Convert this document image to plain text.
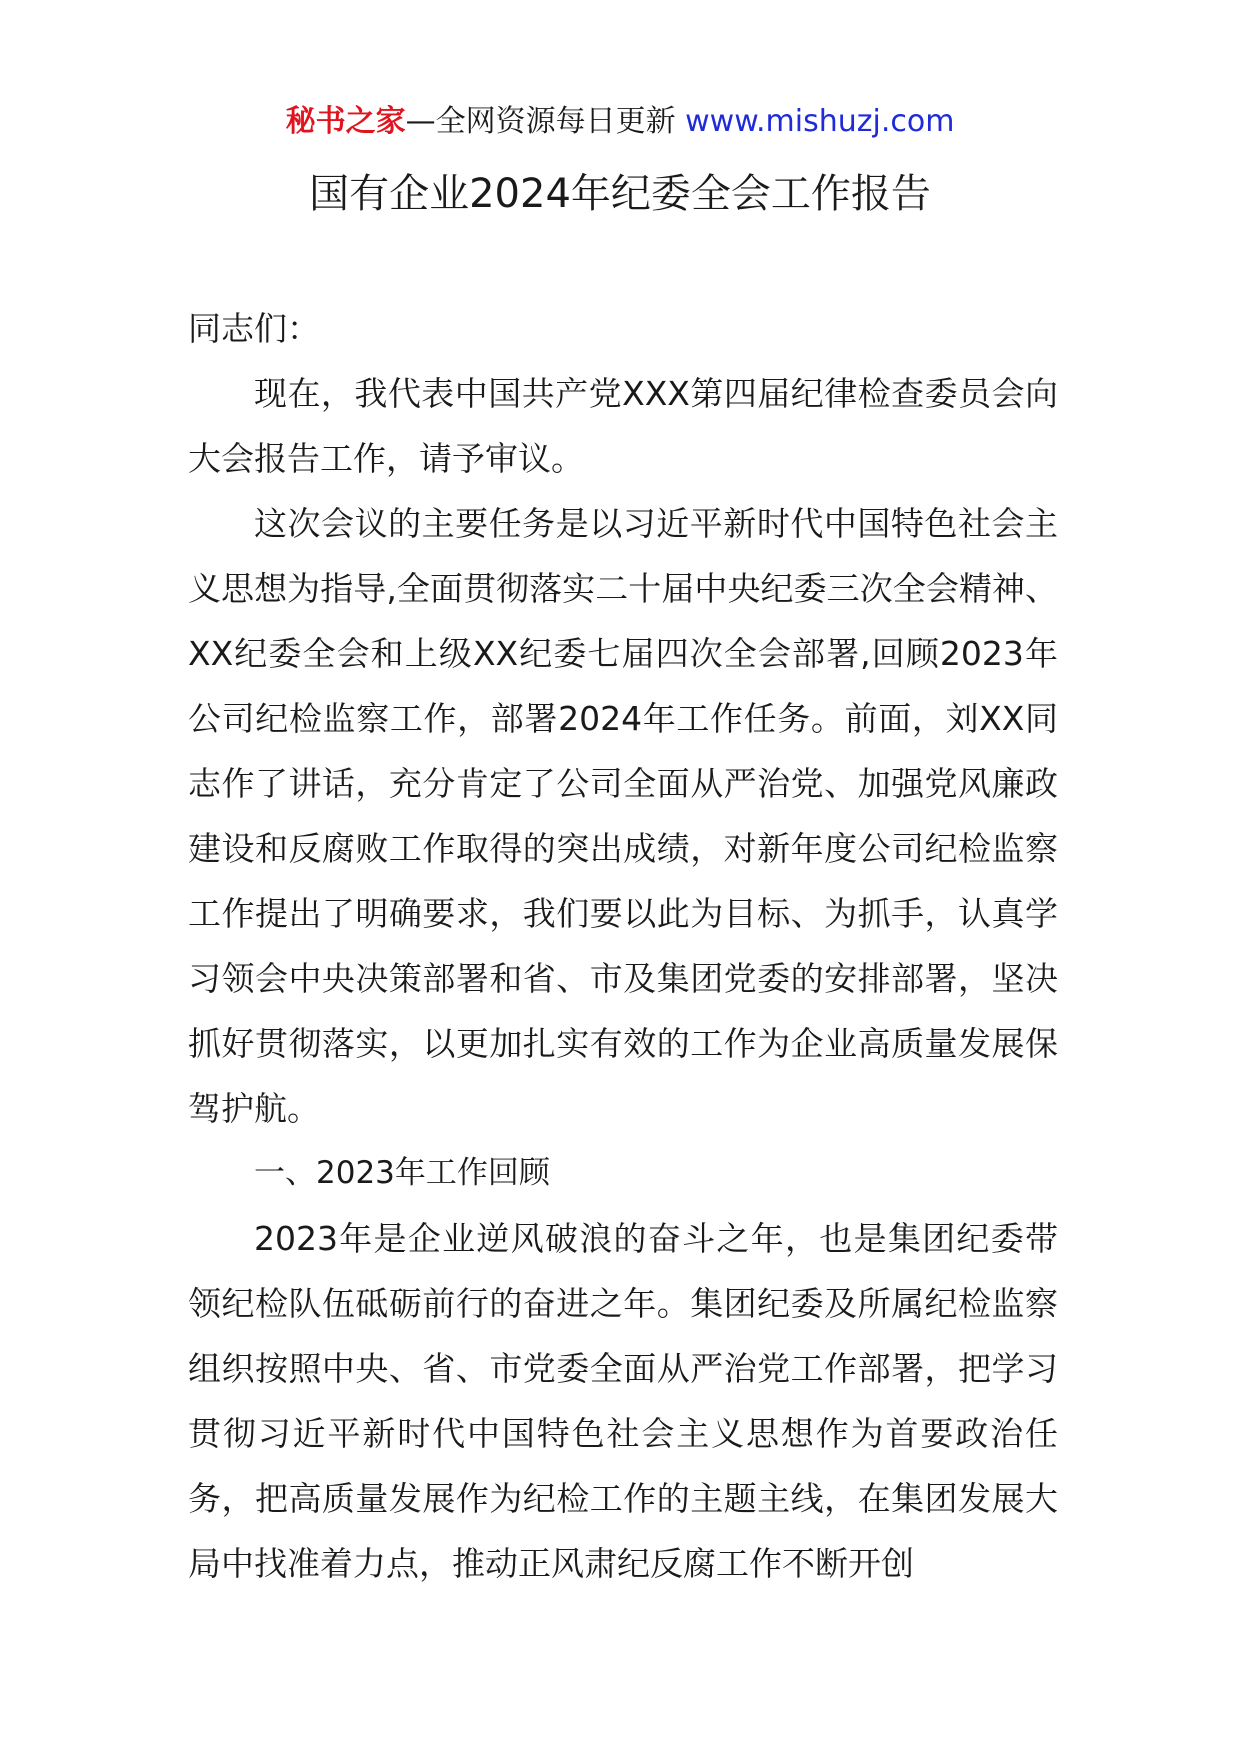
秘书之家—全网资源每日更新 www.mishuzj.com
国有企业2024年纪委全会工作报告

同志们：

现在，我代表中国共产党XXX第四届纪律检查委员会向大会报告工作，请予审议。

这次会议的主要任务是以习近平新时代中国特色社会主义思想为指导,全面贯彻落实二十届中央纪委三次全会精神、XX纪委全会和上级XX纪委七届四次全会部署,回顾2023年公司纪检监察工作，部署2024年工作任务。前面，刘XX同志作了讲话，充分肯定了公司全面从严治党、加强党风廉政建设和反腐败工作取得的突出成绩，对新年度公司纪检监察工作提出了明确要求，我们要以此为目标、为抓手，认真学习领会中央决策部署和省、市及集团党委的安排部署，坚决抓好贯彻落实，以更加扎实有效的工作为企业高质量发展保驾护航。

一、2023年工作回顾

2023年是企业逆风破浪的奋斗之年，也是集团纪委带领纪检队伍砥砺前行的奋进之年。集团纪委及所属纪检监察组织按照中央、省、市党委全面从严治党工作部署，把学习贯彻习近平新时代中国特色社会主义思想作为首要政治任务，把高质量发展作为纪检工作的主题主线，在集团发展大局中找准着力点，推动正风肃纪反腐工作不断开创
